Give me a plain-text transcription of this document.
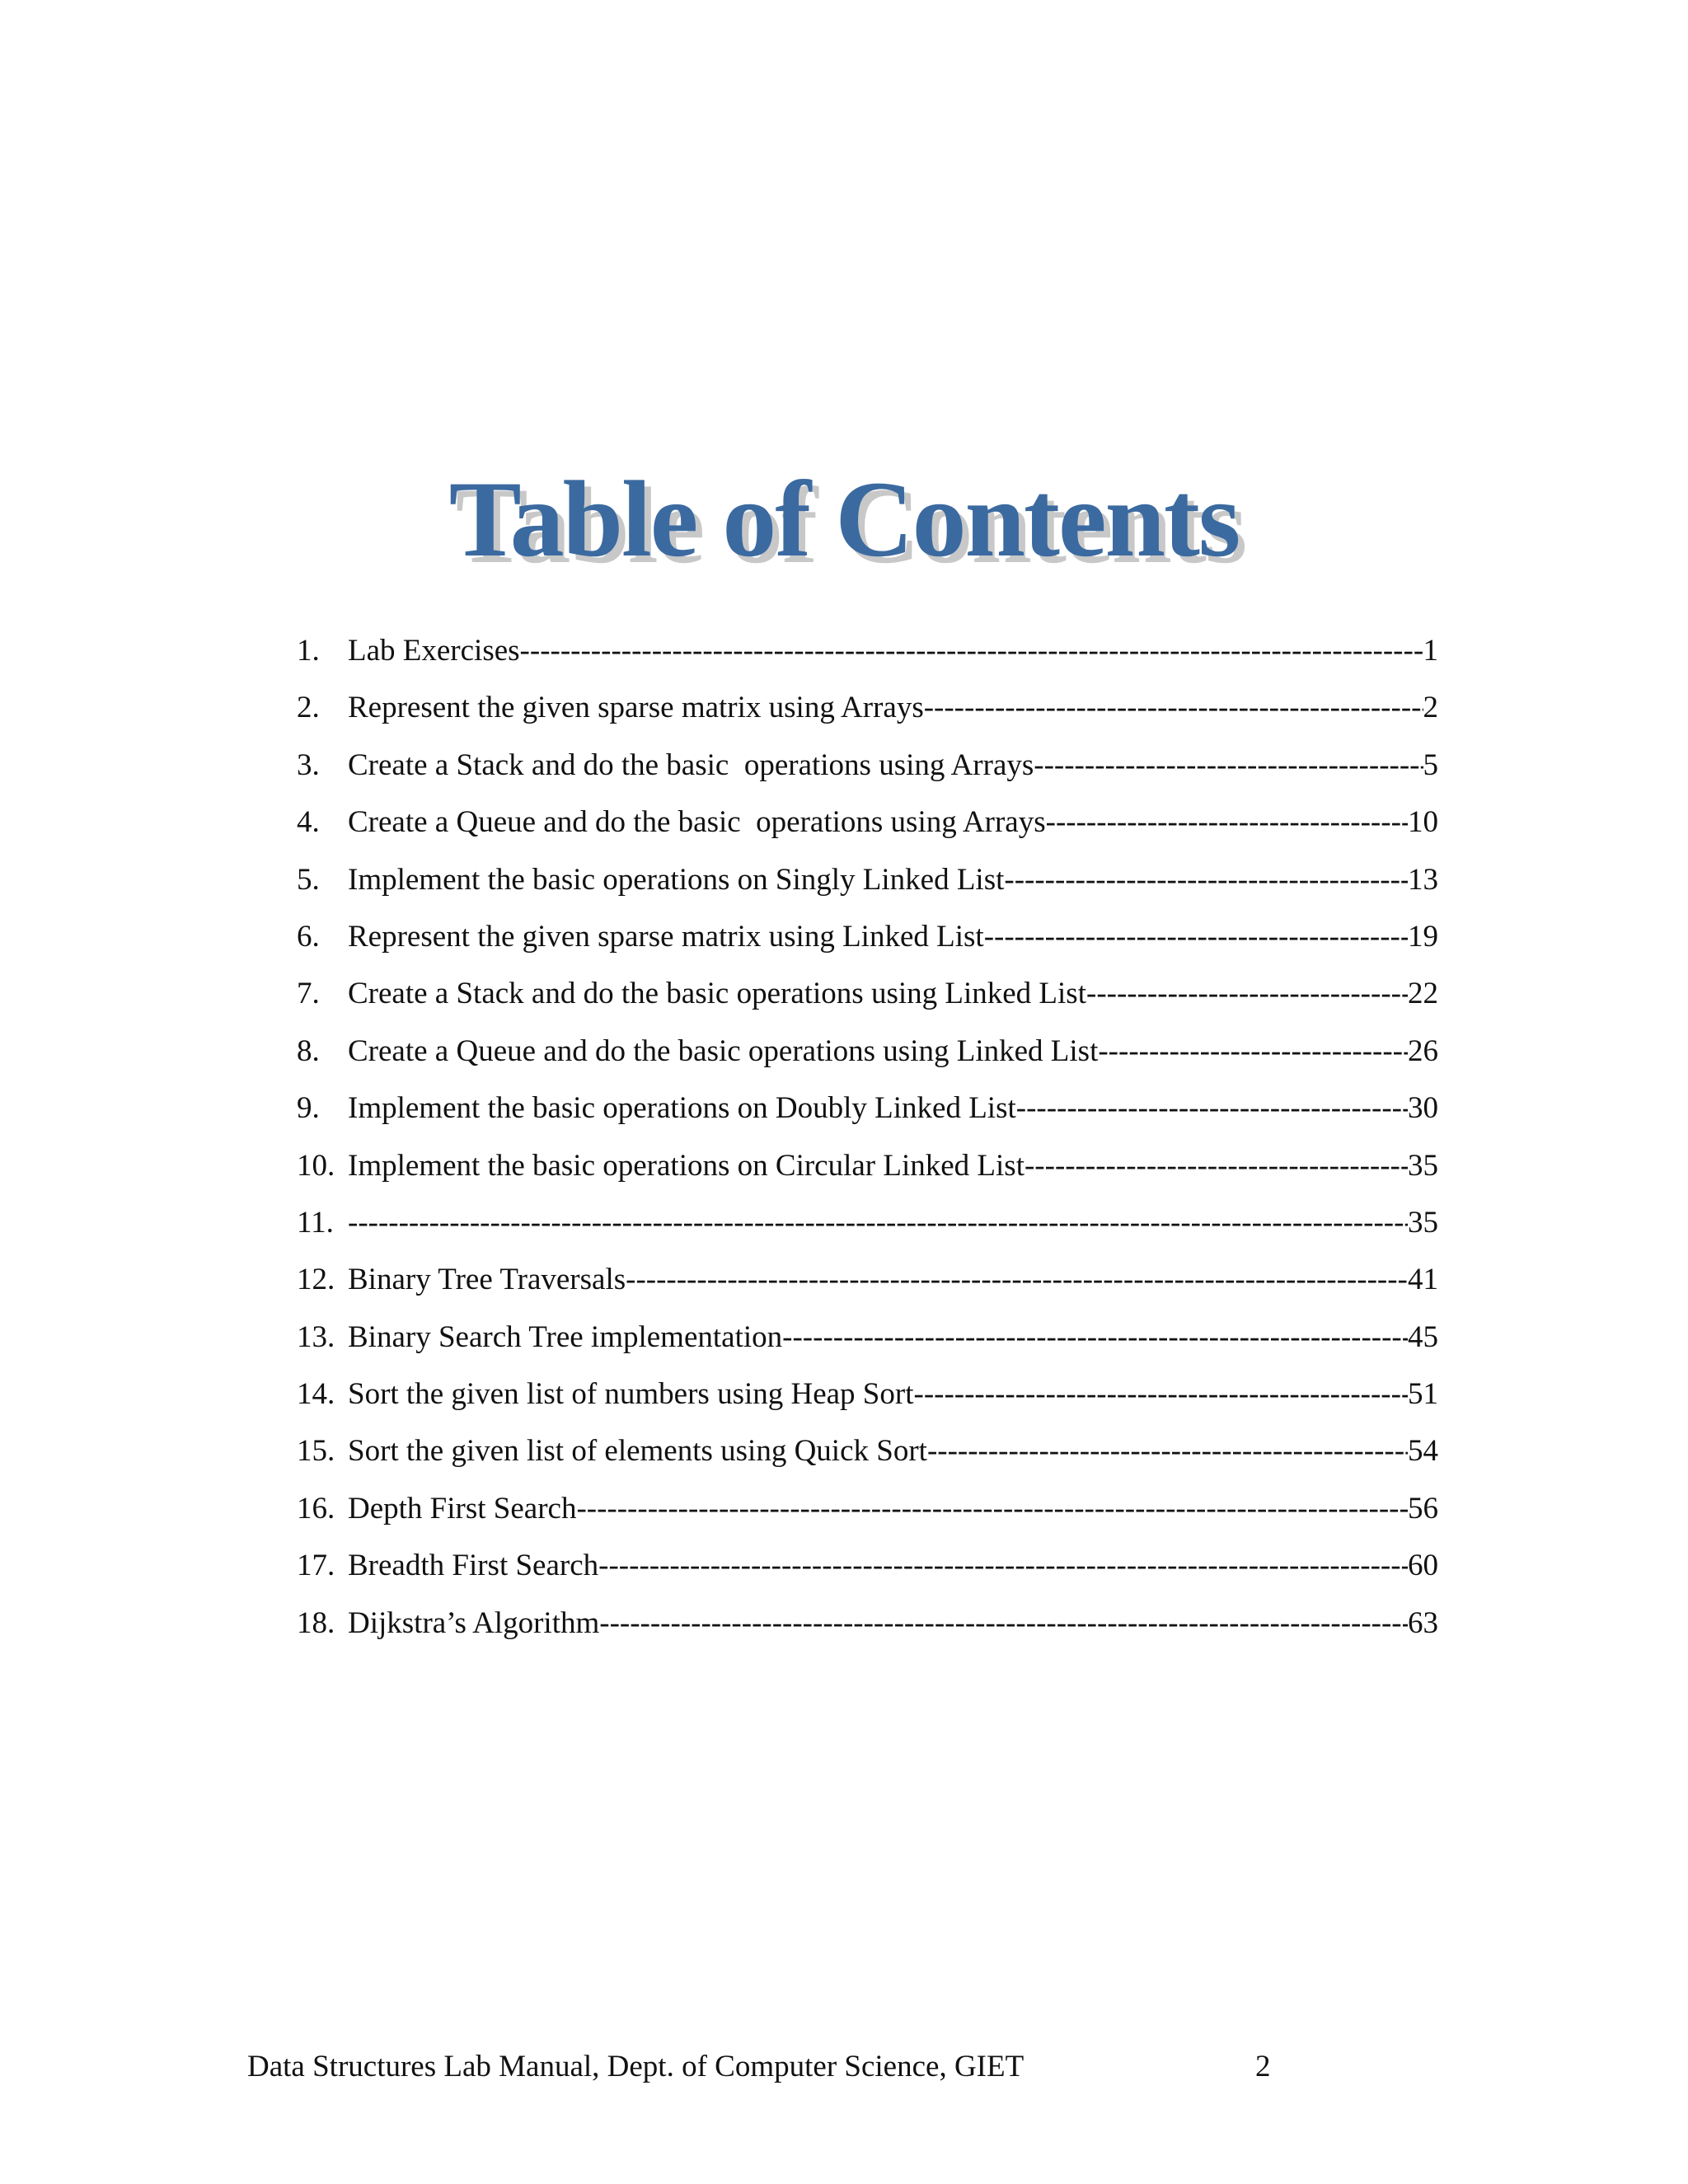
Table of Contents
1. Lab Exercises -----	1
2. Represent the given sparse matrix using Arrays -----	2
3. Create a Stack and do the basic  operations using Arrays -----	5
4. Create a Queue and do the basic  operations using Arrays -----	10
5. Implement the basic operations on Singly Linked List -----	13
6. Represent the given sparse matrix using Linked List -----	19
7. Create a Stack and do the basic operations using Linked List -----	22
8. Create a Queue and do the basic operations using Linked List -----	26
9. Implement the basic operations on Doubly Linked List -----	30
10. Implement the basic operations on Circular Linked List -----	35
11. -----	35
12. Binary Tree Traversals -----	41
13. Binary Search Tree implementation -----	45
14. Sort the given list of numbers using Heap Sort -----	51
15. Sort the given list of elements using Quick Sort -----	54
16. Depth First Search -----	56
17. Breadth First Search -----	60
18. Dijkstra’s Algorithm -----	63
Data Structures Lab Manual, Dept. of Computer Science, GIET	2
